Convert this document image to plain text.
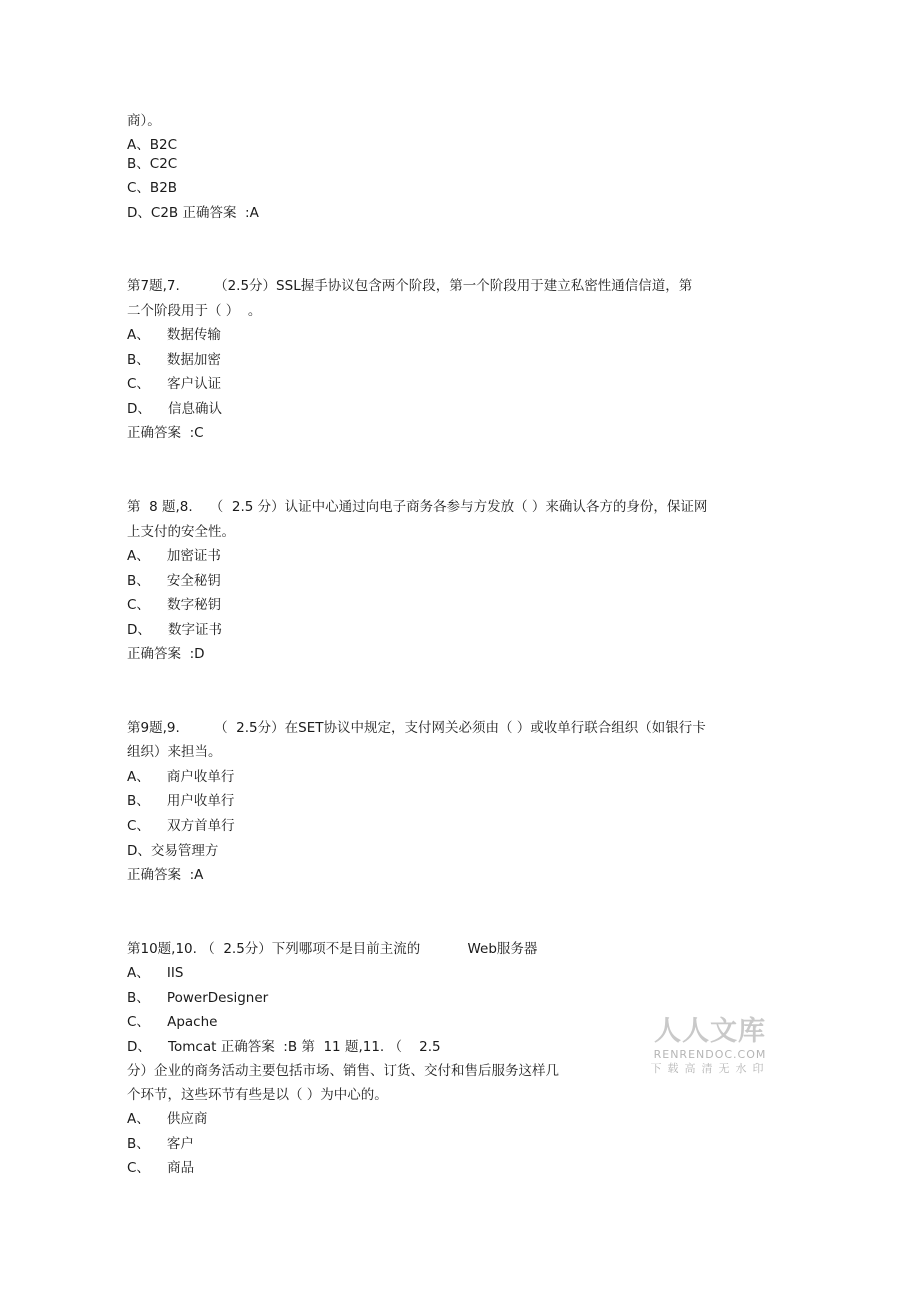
商）。
A、B2C
B、C2C
C、B2B
D、C2B 正确答案  :A
第7题,7.        （2.5分）SSL握手协议包含两个阶段，第一个阶段用于建立私密性通信信道，第
二个阶段用于（ ）  。
A、    数据传输
B、    数据加密
C、    客户认证
D、    信息确认
正确答案  :C
第  8 题,8.    （  2.5 分）认证中心通过向电子商务各参与方发放（ ）来确认各方的身份，保证网
上支付的安全性。
A、    加密证书
B、    安全秘钥
C、    数字秘钥
D、    数字证书
正确答案  :D
第9题,9.        （  2.5分）在SET协议中规定，支付网关必须由（ ）或收单行联合组织（如银行卡
组织）来担当。
A、    商户收单行
B、    用户收单行
C、    双方首单行
D、交易管理方
正确答案  :A
第10题,10. （  2.5分）下列哪项不是目前主流的           Web服务器
A、    IIS
B、    PowerDesigner
C、    Apache
D、    Tomcat 正确答案  :B 第  11 题,11. （    2.5
分）企业的商务活动主要包括市场、销售、订货、交付和售后服务这样几
个环节，这些环节有些是以（ ）为中心的。
A、    供应商
B、    客户
C、    商品
人人文库
RENRENDOC.COM
下载高清无水印
